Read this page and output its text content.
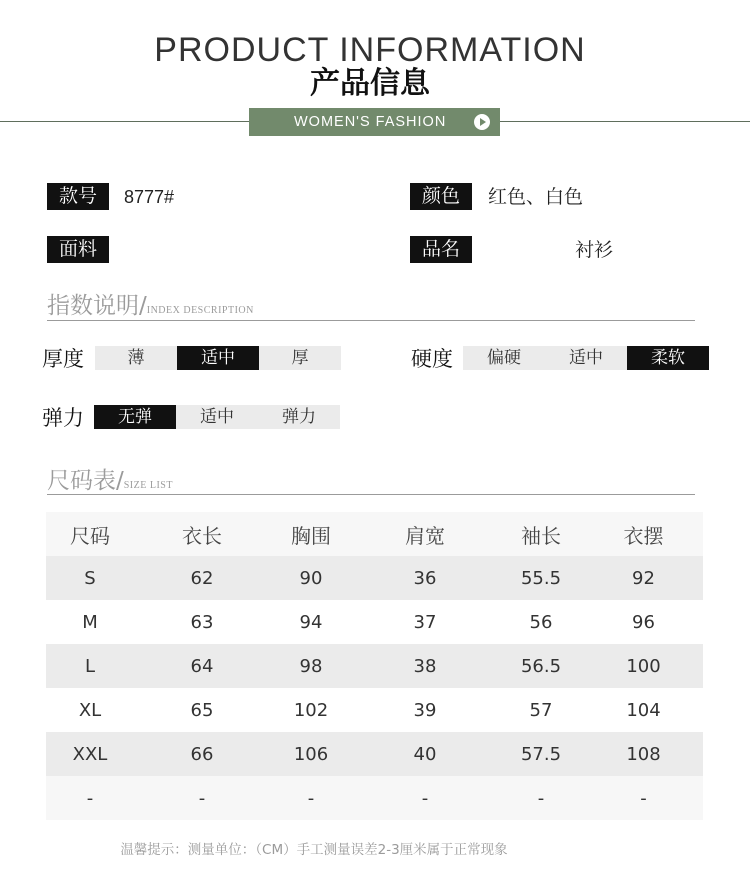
PRODUCT INFORMATION
产品信息
WOMEN'S FASHION
款号	8777#	颜色	红色、白色
面料	品名	衬衫
指数说明/INDEX DESCRIPTION
厚度	薄	适中	厚	硬度	偏硬	适中	柔软
弹力	无弹	适中	弹力
尺码表/SIZE LIST
尺码	衣长	胸围	肩宽	袖长	衣摆
S	62	90	36	55.5	92
M	63	94	37	56	96
L	64	98	38	56.5	100
XL	65	102	39	57	104
XXL	66	106	40	57.5	108
-	-	-	-	-	-
温馨提示：测量单位：（CM）手工测量误差2-3厘米属于正常现象
